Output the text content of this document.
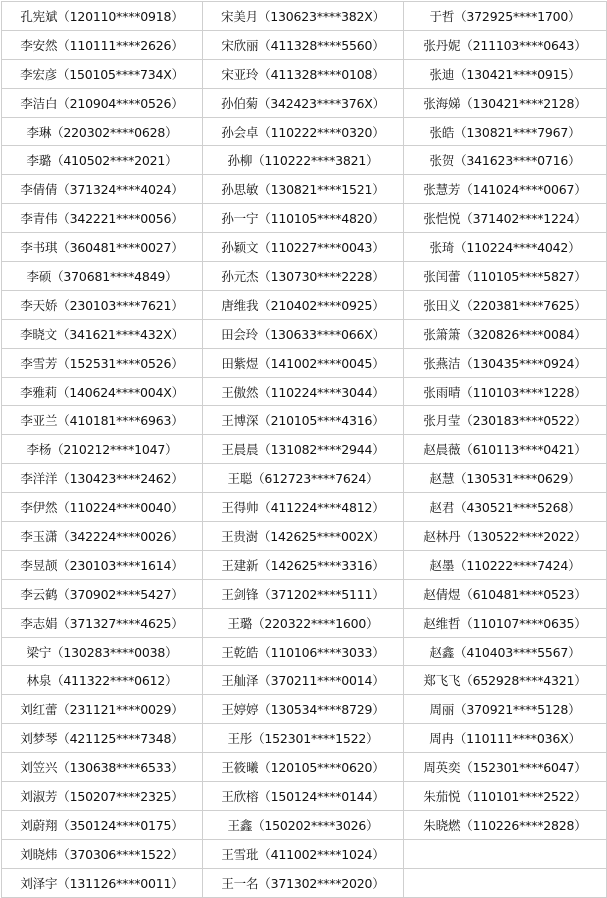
孔宪斌（120110****0918）	宋美月（130623****382X）	于哲（372925****1700）
李安然（110111****2626）	宋欣丽（411328****5560）	张丹妮（211103****0643）
李宏彦（150105****734X）	宋亚玲（411328****0108）	张迪（130421****0915）
李洁白（210904****0526）	孙伯菊（342423****376X）	张海娣（130421****2128）
李琳（220302****0628）	孙会卓（110222****0320）	张皓（130821****7967）
李璐（410502****2021）	孙柳（110222****3821）	张贺（341623****0716）
李倩倩（371324****4024）	孙思敏（130821****1521）	张慧芳（141024****0067）
李青伟（342221****0056）	孙一宁（110105****4820）	张恺悦（371402****1224）
李书琪（360481****0027）	孙颖文（110227****0043）	张琦（110224****4042）
李硕（370681****4849）	孙元杰（130730****2228）	张闰蕾（110105****5827）
李天娇（230103****7621）	唐维我（210402****0925）	张田义（220381****7625）
李晓文（341621****432X）	田会玲（130633****066X）	张箫箫（320826****0084）
李雪芳（152531****0526）	田紫煜（141002****0045）	张燕洁（130435****0924）
李雅莉（140624****004X）	王傲然（110224****3044）	张雨晴（110103****1228）
李亚兰（410181****6963）	王博深（210105****4316）	张月莹（230183****0522）
李杨（210212****1047）	王晨晨（131082****2944）	赵晨薇（610113****0421）
李洋洋（130423****2462）	王聪（612723****7624）	赵慧（130531****0629）
李伊然（110224****0040）	王得帅（411224****4812）	赵君（430521****5268）
李玉潇（342224****0026）	王贵澍（142625****002X）	赵林丹（130522****2022）
李昱颉（230103****1614）	王建新（142625****3316）	赵墨（110222****7424）
李云鹤（370902****5427）	王剑锋（371202****5111）	赵倩煜（610481****0523）
李志娟（371327****4625）	王璐（220322****1600）	赵维哲（110107****0635）
梁宁（130283****0038）	王乾皓（110106****3033）	赵鑫（410403****5567）
林泉（411322****0612）	王舢泽（370211****0014）	郑飞飞（652928****4321）
刘红蕾（231121****0029）	王婷婷（130534****8729）	周丽（370921****5128）
刘梦琴（421125****7348）	王彤（152301****1522）	周冉（110111****036X）
刘笠兴（130638****6533）	王筱曦（120105****0620）	周英奕（152301****6047）
刘淑芳（150207****2325）	王欣榕（150124****0144）	朱茄悦（110101****2522）
刘蔚翔（350124****0175）	王鑫（150202****3026）	朱晓燃（110226****2828）
刘晓炜（370306****1522）	王雪玭（411002****1024）	
刘泽宇（131126****0011）	王一名（371302****2020）	
